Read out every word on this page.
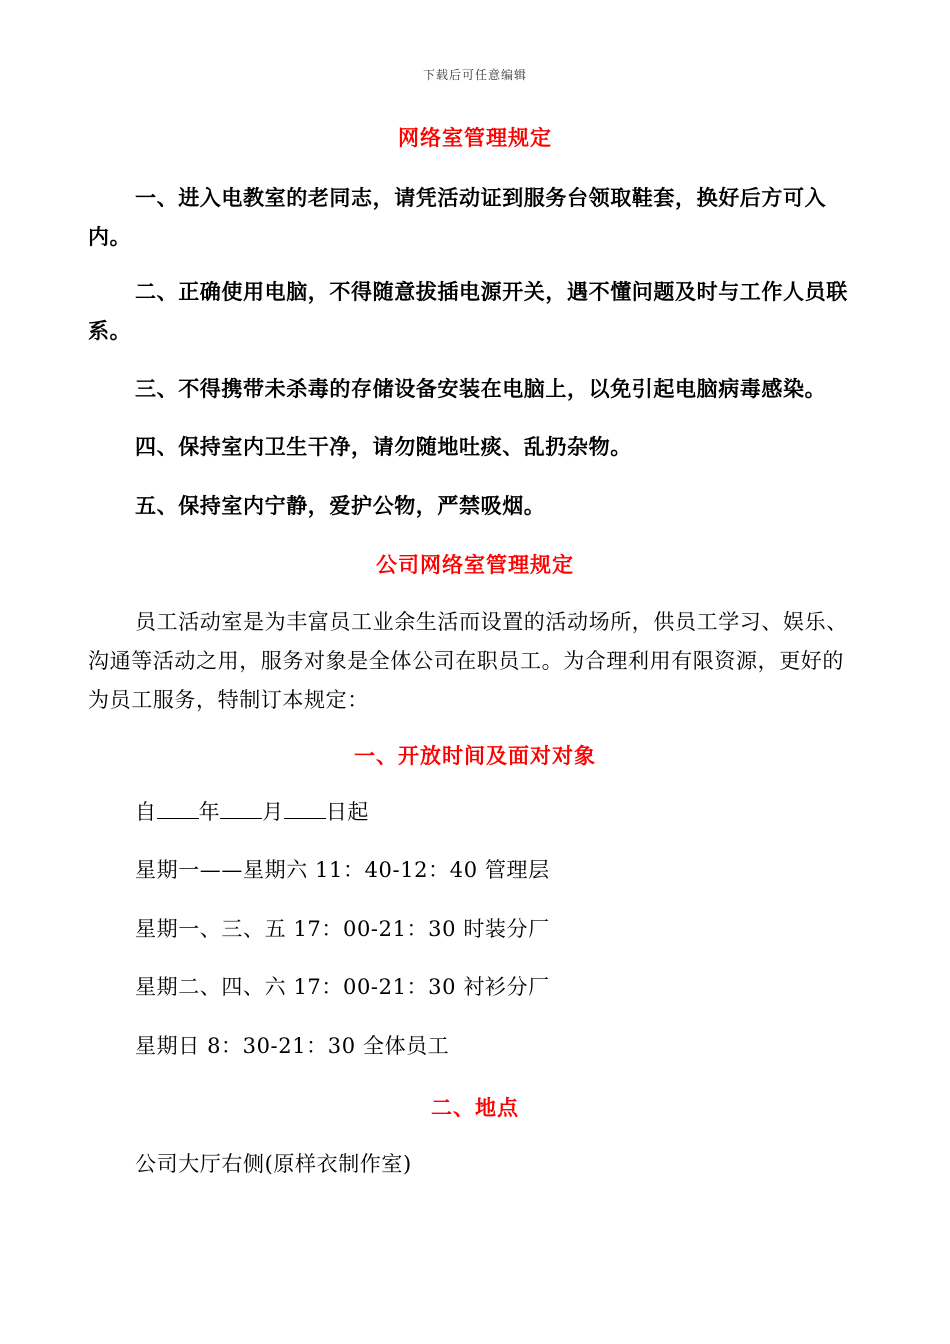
下载后可任意编辑
网络室管理规定
一、进入电教室的老同志，请凭活动证到服务台领取鞋套，换好后方可入内。
二、正确使用电脑，不得随意拔插电源开关，遇不懂问题及时与工作人员联系。
三、不得携带未杀毒的存储设备安装在电脑上，以免引起电脑病毒感染。
四、保持室内卫生干净，请勿随地吐痰、乱扔杂物。
五、保持室内宁静，爱护公物，严禁吸烟。
公司网络室管理规定
员工活动室是为丰富员工业余生活而设置的活动场所，供员工学习、娱乐、沟通等活动之用，服务对象是全体公司在职员工。为合理利用有限资源，更好的为员工服务，特制订本规定：
一、开放时间及面对对象
自 年 月 日起
星期一——星期六 11：40-12：40 管理层
星期一、三、五 17：00-21：30 时装分厂
星期二、四、六 17：00-21：30 衬衫分厂
星期日 8：30-21：30 全体员工
二、地点
公司大厅右侧(原样衣制作室)
